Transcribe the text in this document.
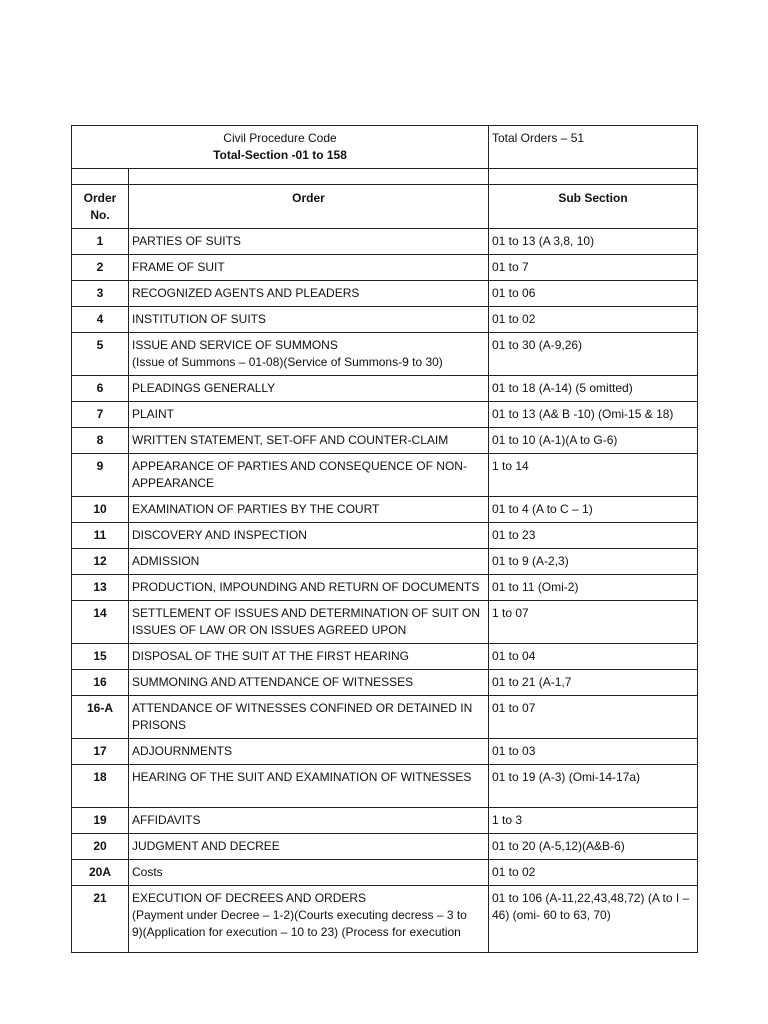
Civil Procedure Code
Total-Section -01 to 158		Total Orders – 51

Order
No.	Order	Sub Section
1	PARTIES OF SUITS	01 to 13 (A 3,8, 10)
2	FRAME OF SUIT	01 to 7
3	RECOGNIZED AGENTS AND PLEADERS	01 to 06
4	INSTITUTION OF SUITS	01 to 02
5	ISSUE AND SERVICE OF SUMMONS
(Issue of Summons – 01-08)(Service of Summons-9 to 30)	01 to 30 (A-9,26)
6	PLEADINGS GENERALLY	01 to 18 (A-14) (5 omitted)
7	PLAINT	01 to 13 (A& B -10) (Omi-15 & 18)
8	WRITTEN STATEMENT, SET-OFF AND COUNTER-CLAIM	01 to 10 (A-1)(A to G-6)
9	APPEARANCE OF PARTIES AND CONSEQUENCE OF NON-
APPEARANCE	1 to 14
10	EXAMINATION OF PARTIES BY THE COURT	01 to 4 (A to C – 1)
11	DISCOVERY AND INSPECTION	01 to 23
12	ADMISSION	01 to 9 (A-2,3)
13	PRODUCTION, IMPOUNDING AND RETURN OF DOCUMENTS	01 to 11 (Omi-2)
14	SETTLEMENT OF ISSUES AND DETERMINATION OF SUIT ON
ISSUES OF LAW OR ON ISSUES AGREED UPON	1 to 07
15	DISPOSAL OF THE SUIT AT THE FIRST HEARING	01 to 04
16	SUMMONING AND ATTENDANCE OF WITNESSES	01 to 21 (A-1,7
16-A	ATTENDANCE OF WITNESSES CONFINED OR DETAINED IN
PRISONS	01 to 07
17	ADJOURNMENTS	01 to 03
18	HEARING OF THE SUIT AND EXAMINATION OF WITNESSES	01 to 19 (A-3) (Omi-14-17a)
19	AFFIDAVITS	1 to 3
20	JUDGMENT AND DECREE	01 to 20 (A-5,12)(A&B-6)
20A	Costs	01 to 02
21	EXECUTION OF DECREES AND ORDERS
(Payment under Decree – 1-2)(Courts executing decress – 3 to
9)(Application for execution – 10 to 23) (Process for execution	01 to 106 (A-11,22,43,48,72) (A to I – 46) (omi- 60 to 63, 70)
